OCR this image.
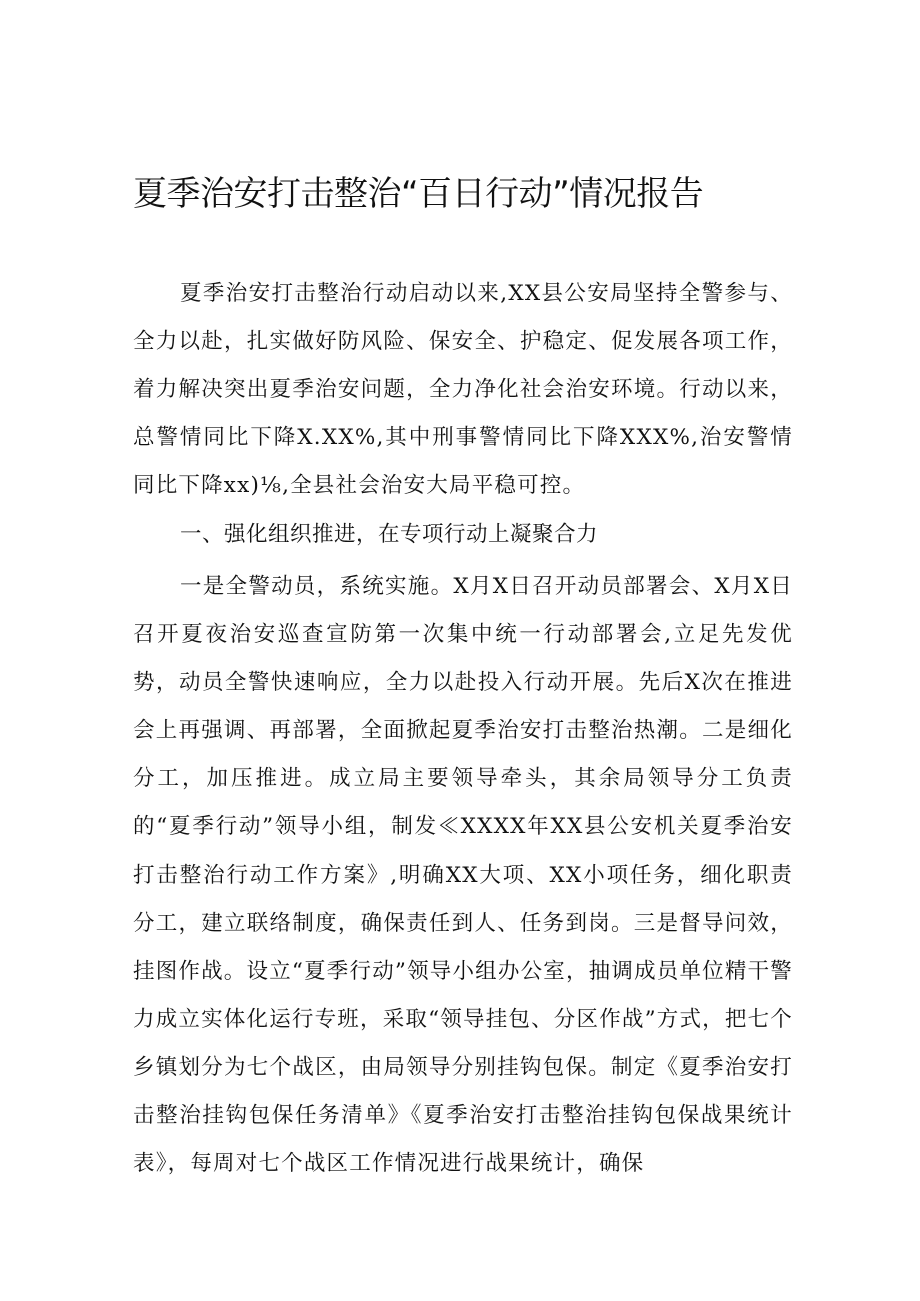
夏季治安打击整治“百日行动”情况报告

夏季治安打击整治行动启动以来,XX县公安局坚持全警参与、全力以赴，扎实做好防风险、保安全、护稳定、促发展各项工作，着力解决突出夏季治安问题，全力净化社会治安环境。行动以来，总警情同比下降X.XX%,其中刑事警情同比下降XXX%,治安警情同比下降xx)⅛,全县社会治安大局平稳可控。

一、强化组织推进，在专项行动上凝聚合力

一是全警动员，系统实施。X月X日召开动员部署会、X月X日召开夏夜治安巡查宣防第一次集中统一行动部署会,立足先发优势，动员全警快速响应，全力以赴投入行动开展。先后X次在推进会上再强调、再部署，全面掀起夏季治安打击整治热潮。二是细化分工，加压推进。成立局主要领导牵头，其余局领导分工负责的“夏季行动”领导小组，制发≪XXXX年XX县公安机关夏季治安打击整治行动工作方案》,明确XX大项、XX小项任务，细化职责分工，建立联络制度，确保责任到人、任务到岗。三是督导问效，挂图作战。设立“夏季行动”领导小组办公室，抽调成员单位精干警力成立实体化运行专班，采取“领导挂包、分区作战”方式，把七个乡镇划分为七个战区，由局领导分别挂钩包保。制定《夏季治安打击整治挂钩包保任务清单》《夏季治安打击整治挂钩包保战果统计表》，每周对七个战区工作情况进行战果统计，确保
